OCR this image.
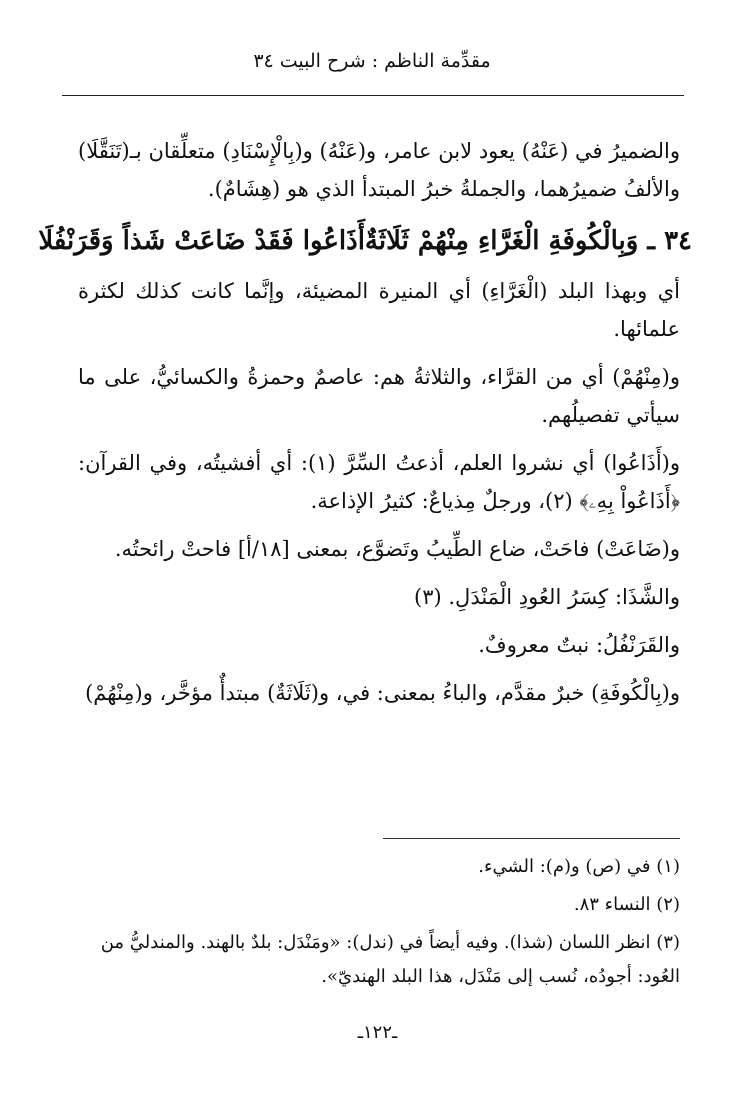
مقدِّمة الناظم : شرح البيت ٣٤

والضميرُ في (عَنْهُ) يعود لابن عامر، و(عَنْهُ) و(بِالْإِسْنَادِ) متعلِّقان بـ(تَنَقَّلَا) والألفُ ضميرُهما، والجملةُ خبرُ المبتدأ الذي هو (هِشَامٌ).

٣٤ ـ وَبِالْكُوفَةِ الْغَرَّاءِ مِنْهُمْ ثَلَاثَةٌ
أَذَاعُوا فَقَدْ ضَاعَتْ شَذاً وَقَرَنْفُلَا

أي وبهذا البلد (الْغَرَّاءِ) أي المنيرة المضيئة، وإنَّما كانت كذلك لكثرة علمائها.

و(مِنْهُمْ) أي من القرَّاء، والثلاثةُ هم: عاصمٌ وحمزةُ والكسائيُّ، على ما سيأتي تفصيلُهم.

و(أَذَاعُوا) أي نشروا العلم، أذعتُ السِّرَّ (١): أي أفشيتُه، وفي القرآن: ﴿أَذَاعُواْ بِهِۦ﴾ (٢)، ورجلٌ مِذياعٌ: كثيرُ الإذاعة.

و(ضَاعَتْ) فاحَتْ، ضاع الطِّيبُ وتَضوَّع، بمعنى [١٨/أ] فاحتْ رائحتُه.

والشَّذَا: كِسَرُ العُودِ الْمَنْدَلِ. (٣)

والقَرَنْفُلُ: نبتٌ معروفٌ.

و(بِالْكُوفَةِ) خبرٌ مقدَّم، والباءُ بمعنى: في، و(ثَلَاثَةٌ) مبتدأٌ مؤخَّر، و(مِنْهُمْ)

(١) في (ص) و(م): الشيء.

(٢) النساء ٨٣.

(٣) انظر اللسان (شذا). وفيه أيضاً في (ندل): «ومَنْدَل: بلدٌ بالهند. والمندليُّ من العُود: أجودُه، نُسب إلى مَنْدَل، هذا البلد الهنديّ».

ـ١٢٢ـ
